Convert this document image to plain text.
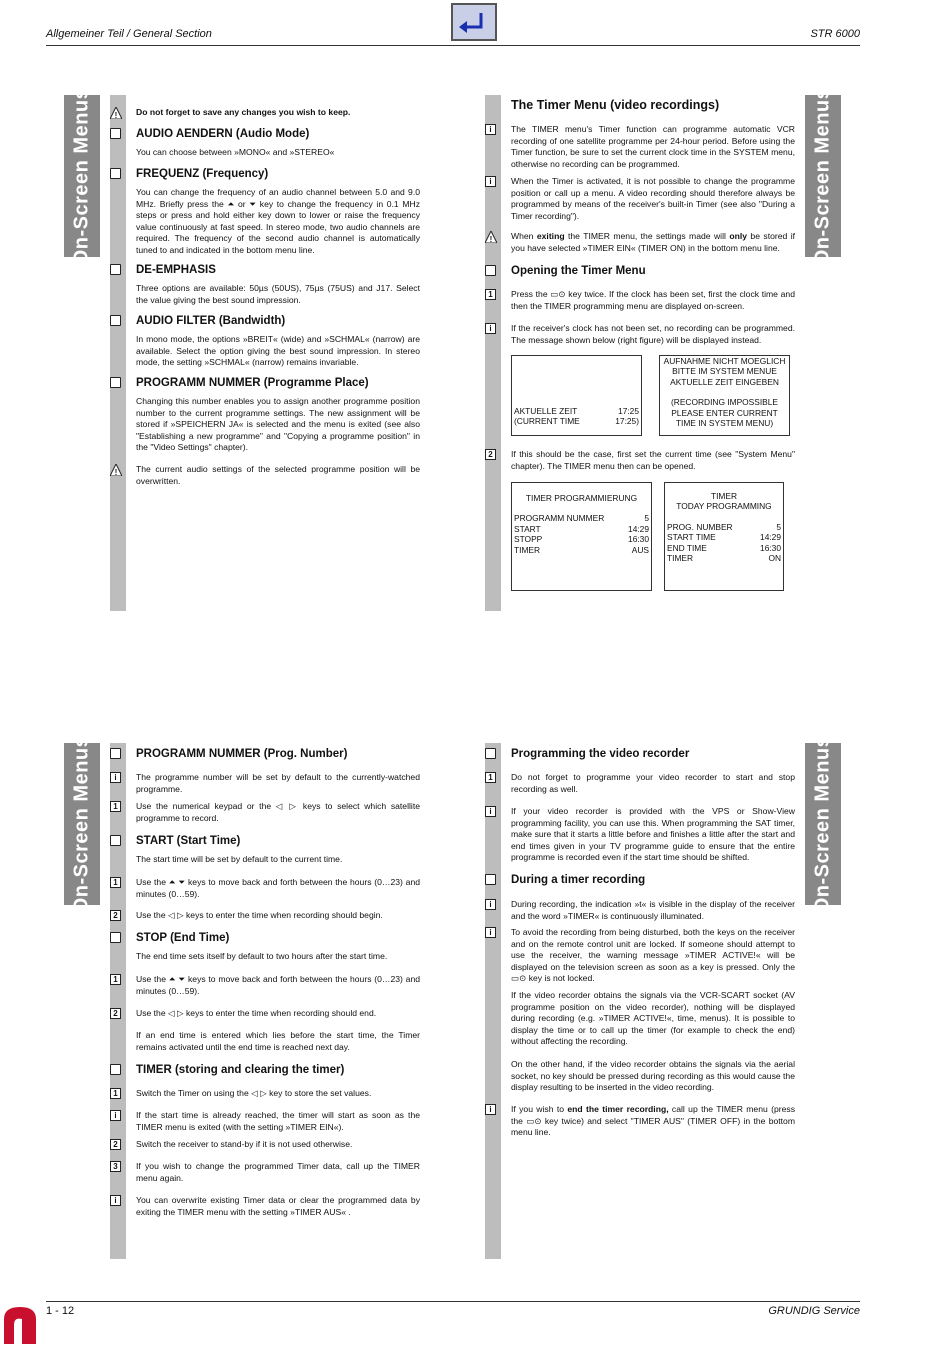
Allgemeiner Teil / General Section	STR 6000
On-Screen Menus	On-Screen Menus
On-Screen Menus	On-Screen Menus
! Do not forget to save any changes you wish to keep.
AUDIO AENDERN (Audio Mode)
You can choose between »MONO« and »STEREO«
FREQUENZ (Frequency)
You can change the frequency of an audio channel between 5.0 and 9.0 MHz. Briefly press the ⏶ or ⏷ key to change the frequency in 0.1 MHz steps or press and hold either key down to lower or raise the frequency value continuously at fast speed. In stereo mode, two audio channels are required. The frequency of the second audio channel is automatically tuned to and indicated in the bottom menu line.
DE-EMPHASIS
Three options are available: 50µs (50US), 75µs (75US) and J17. Select the value giving the best sound impression.
AUDIO FILTER (Bandwidth)
In mono mode, the options »BREIT« (wide) and »SCHMAL« (narrow) are available. Select the option giving the best sound impression. In stereo mode, the setting »SCHMAL« (narrow) remains invariable.
PROGRAMM NUMMER (Programme Place)
Changing this number enables you to assign another programme position number to the current programme settings. The new assignment will be stored if »SPEICHERN JA« is selected and the menu is exited (see also "Establishing a new programme" and "Copying a programme position" in the "Video Settings" chapter).
! The current audio settings of the selected programme position will be overwritten.
The Timer Menu (video recordings)
i	The TIMER menu's Timer function can programme automatic VCR recording of one satellite programme per 24-hour period. Before using the Timer function, be sure to set the current clock time in the SYSTEM menu, otherwise no recording can be programmed.
i	When the Timer is activated, it is not possible to change the programme position or call up a menu. A video recording should therefore always be programmed by means of the receiver's built-in Timer (see also "During a Timer recording").
! When exiting the TIMER menu, the settings made will only be stored if you have selected »TIMER EIN« (TIMER ON) in the bottom menu line.
Opening the Timer Menu
1	Press the ▭⊙ key twice. If the clock has been set, first the clock time and then the TIMER programming menu are displayed on-screen.
i	If the receiver's clock has not been set, no recording can be programmed. The message shown below (right figure) will be displayed instead.
2	If this should be the case, first set the current time (see "System Menu" chapter). The TIMER menu then can be opened.
AKTUELLE ZEIT	17:25
(CURRENT TIME	17:25)
AUFNAHME NICHT MOEGLICH
BITTE IM SYSTEM MENUE
AKTUELLE ZEIT EINGEBEN
(RECORDING IMPOSSIBLE
PLEASE ENTER CURRENT
TIME IN SYSTEM MENU)
TIMER PROGRAMMIERUNG
PROGRAMM NUMMER	5
START	14:29
STOPP	16:30
TIMER	AUS
TIMER
TODAY PROGRAMMING
PROG. NUMBER	5
START TIME	14:29
END TIME	16:30
TIMER	ON
PROGRAMM NUMMER (Prog. Number)
i	The programme number will be set by default to the currently-watched programme.
1	Use the numerical keypad or the ◁ ▷ keys to select which satellite programme to record.
START (Start Time)
The start time will be set by default to the current time.
1	Use the ⏶ ⏷ keys to move back and forth between the hours (0…23) and minutes (0…59).
2	Use the ◁ ▷ keys to enter the time when recording should begin.
STOP (End Time)
The end time sets itself by default to two hours after the start time.
1	Use the ⏶ ⏷ keys to move back and forth between the hours (0…23) and minutes (0…59).
2	Use the ◁ ▷ keys to enter the time when recording should end.
If an end time is entered which lies before the start time, the Timer remains activated until the end time is reached next day.
TIMER (storing and clearing the timer)
1	Switch the Timer on using the ◁ ▷ key to store the set values.
i	If the start time is already reached, the timer will start as soon as the TIMER menu is exited (with the setting »TIMER EIN«).
2	Switch the receiver to stand-by if it is not used otherwise.
3	If you wish to change the programmed Timer data, call up the TIMER menu again.
i	You can overwrite existing Timer data or clear the programmed data by exiting the TIMER menu with the setting »TIMER AUS« .
Programming the video recorder
1	Do not forget to programme your video recorder to start and stop recording as well.
i	If your video recorder is provided with the VPS or Show-View programming facility, you can use this. When programming the SAT timer, make sure that it starts a little before and finishes a little after the start and end times given in your TV programme guide to ensure that the entire programme is recorded even if the start time should be shifted.
During a timer recording
i	During recording, the indication »t« is visible in the display of the receiver and the word »TIMER« is continuously illuminated.
i	To avoid the recording from being disturbed, both the keys on the receiver and on the remote control unit are locked. If someone should attempt to use the receiver, the warning message »TIMER ACTIVE!« will be displayed on the television screen as soon as a key is pressed. Only the ▭⊙ key is not locked.
If the video recorder obtains the signals via the VCR-SCART socket (AV programme position on the video recorder), nothing will be displayed during recording (e.g. »TIMER ACTIVE!«, time, menus). It is possible to display the time or to call up the timer (for example to check the end) without affecting the recording.
On the other hand, if the video recorder obtains the signals via the aerial socket, no key should be pressed during recording as this would cause the display resulting to be inserted in the video recording.
i	If you wish to end the timer recording, call up the TIMER menu (press the ▭⊙ key twice) and select "TIMER AUS" (TIMER OFF) in the bottom menu line.
1 - 12	GRUNDIG Service
